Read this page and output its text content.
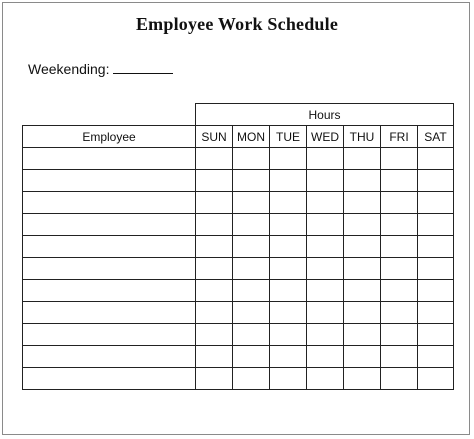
Employee Work Schedule
Weekending:
	Hours						
Employee	SUN	MON	TUE	WED	THU	FRI	SAT
